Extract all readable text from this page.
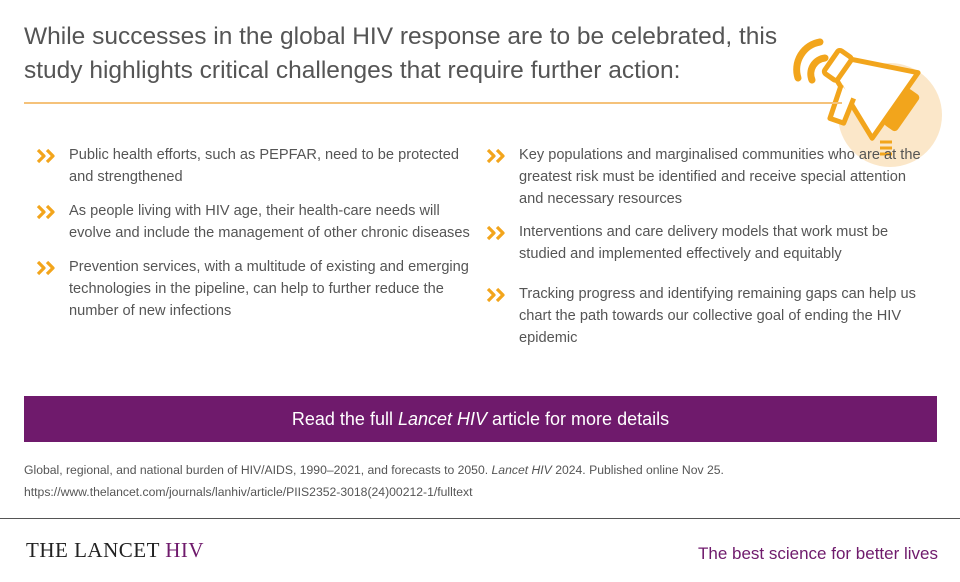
While successes in the global HIV response are to be celebrated, this study highlights critical challenges that require further action:
Public health efforts, such as PEPFAR, need to be protected and strengthened
As people living with HIV age, their health-care needs will evolve and include the management of other chronic diseases
Prevention services, with a multitude of existing and emerging technologies in the pipeline, can help to further reduce the number of new infections
Key populations and marginalised communities who are at the greatest risk must be identified and receive special attention and necessary resources
Interventions and care delivery models that work must be studied and implemented effectively and equitably
Tracking progress and identifying remaining gaps can help us chart the path towards our collective goal of ending the HIV epidemic
Read the full Lancet HIV article for more details
Global, regional, and national burden of HIV/AIDS, 1990–2021, and forecasts to 2050. Lancet HIV 2024. Published online Nov 25.
https://www.thelancet.com/journals/lanhiv/article/PIIS2352-3018(24)00212-1/fulltext
THE LANCET HIV	The best science for better lives
